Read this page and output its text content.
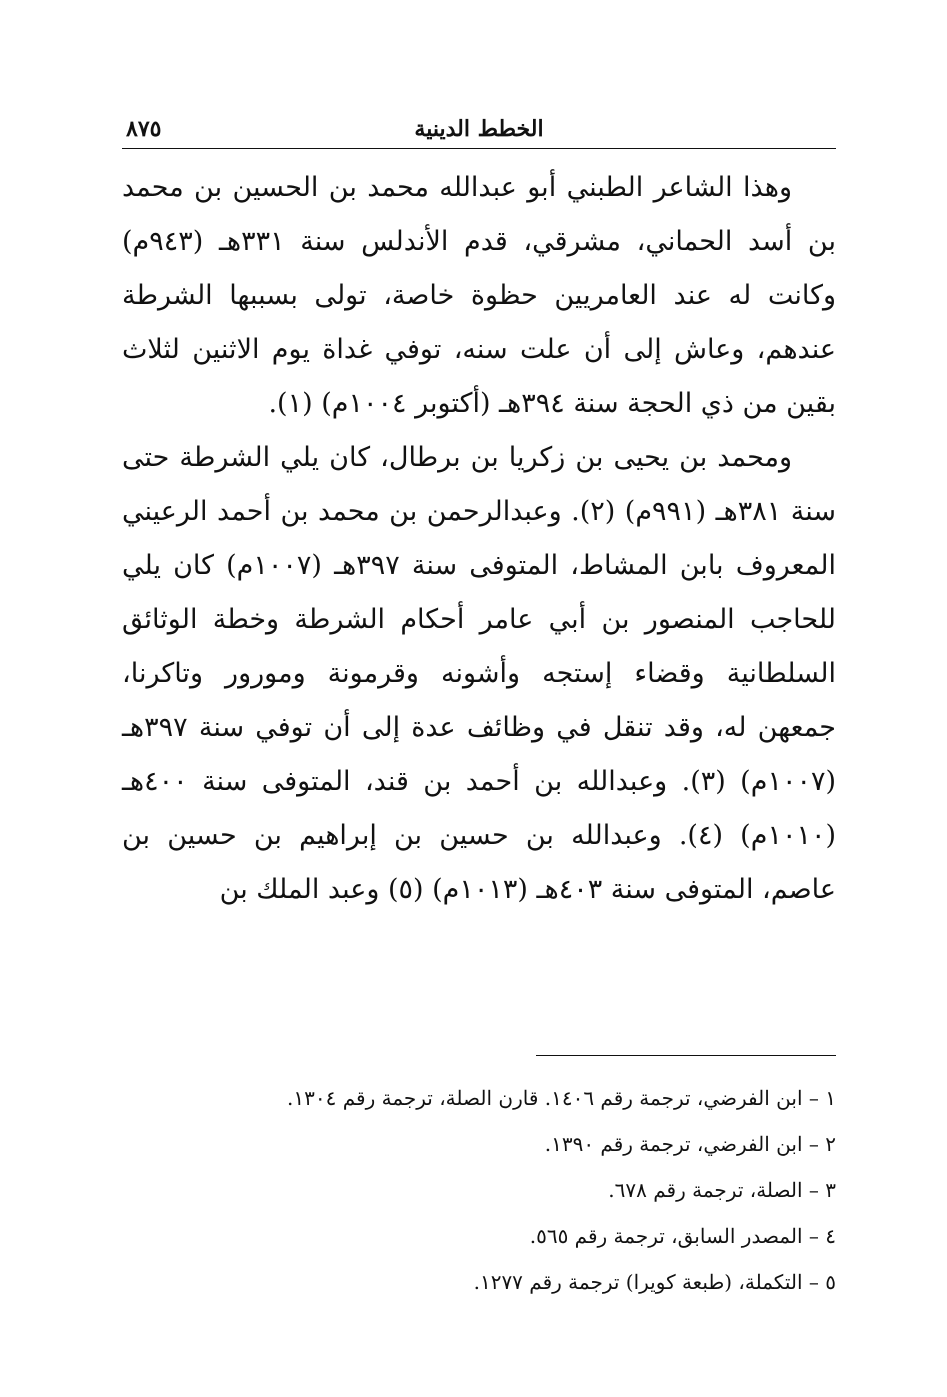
الخطط الدينية
٨٧٥

وهذا الشاعر الطبني أبو عبدالله محمد بن الحسين بن محمد بن أسد الحماني، مشرقي، قدم الأندلس سنة ٣٣١هـ (٩٤٣م) وكانت له عند العامريين حظوة خاصة، تولى بسببها الشرطة عندهم، وعاش إلى أن علت سنه، توفي غداة يوم الاثنين لثلاث بقين من ذي الحجة سنة ٣٩٤هـ (أكتوبر ١٠٠٤م) (١).

ومحمد بن يحيى بن زكريا بن برطال، كان يلي الشرطة حتى سنة ٣٨١هـ (٩٩١م) (٢). وعبدالرحمن بن محمد بن أحمد الرعيني المعروف بابن المشاط، المتوفى سنة ٣٩٧هـ (١٠٠٧م) كان يلي للحاجب المنصور بن أبي عامر أحكام الشرطة وخطة الوثائق السلطانية وقضاء إستجه وأشونه وقرمونة ومورور وتاكرنا، جمعهن له، وقد تنقل في وظائف عدة إلى أن توفي سنة ٣٩٧هـ (١٠٠٧م) (٣). وعبدالله بن أحمد بن قند، المتوفى سنة ٤٠٠هـ (١٠١٠م) (٤). وعبدالله بن حسين بن إبراهيم بن حسين بن عاصم، المتوفى سنة ٤٠٣هـ (١٠١٣م) (٥) وعبد الملك بن

١ – ابن الفرضي، ترجمة رقم ١٤٠٦. قارن الصلة، ترجمة رقم ١٣٠٤.

٢ – ابن الفرضي، ترجمة رقم ١٣٩٠.

٣ – الصلة، ترجمة رقم ٦٧٨.

٤ – المصدر السابق، ترجمة رقم ٥٦٥.

٥ – التكملة، (طبعة كويرا) ترجمة رقم ١٢٧٧.
